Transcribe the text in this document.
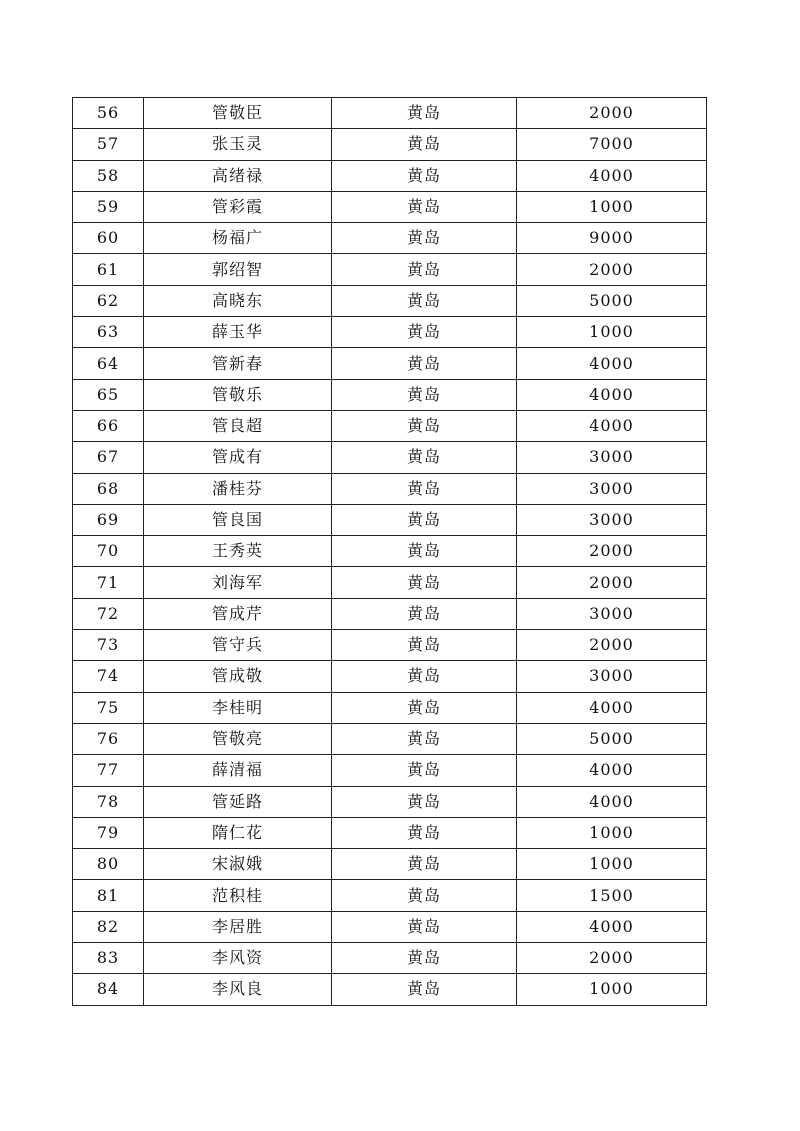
56	管敬臣	黄岛	2000
57	张玉灵	黄岛	7000
58	高绪禄	黄岛	4000
59	管彩霞	黄岛	1000
60	杨福广	黄岛	9000
61	郭绍智	黄岛	2000
62	高晓东	黄岛	5000
63	薛玉华	黄岛	1000
64	管新春	黄岛	4000
65	管敬乐	黄岛	4000
66	管良超	黄岛	4000
67	管成有	黄岛	3000
68	潘桂芬	黄岛	3000
69	管良国	黄岛	3000
70	王秀英	黄岛	2000
71	刘海军	黄岛	2000
72	管成芹	黄岛	3000
73	管守兵	黄岛	2000
74	管成敬	黄岛	3000
75	李桂明	黄岛	4000
76	管敬亮	黄岛	5000
77	薛清福	黄岛	4000
78	管延路	黄岛	4000
79	隋仁花	黄岛	1000
80	宋淑娥	黄岛	1000
81	范积桂	黄岛	1500
82	李居胜	黄岛	4000
83	李风资	黄岛	2000
84	李风良	黄岛	1000
